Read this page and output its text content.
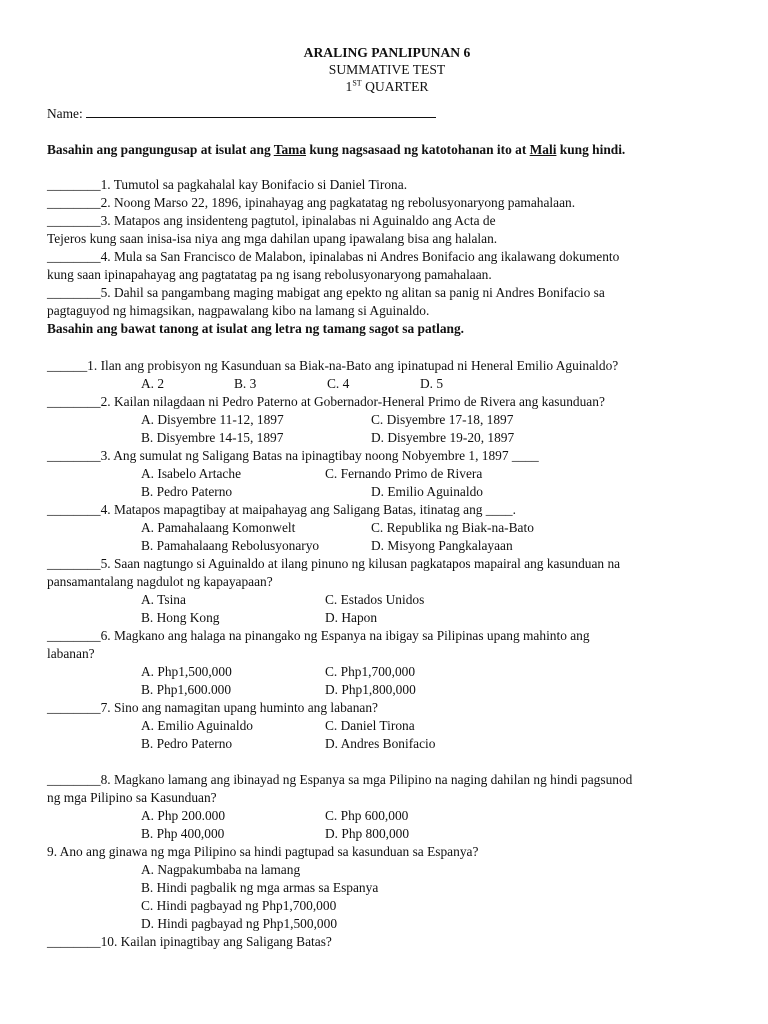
ARALING PANLIPUNAN 6
SUMMATIVE TEST
1ST QUARTER
Name:
Basahin ang pangungusap at isulat ang Tama kung nagsasaad ng katotohanan ito at Mali kung hindi.
________1. Tumutol sa pagkahalal kay Bonifacio si Daniel Tirona.
________2. Noong Marso 22, 1896, ipinahayag ang pagkatatag ng rebolusyonaryong pamahalaan.
________3. Matapos ang insidenteng pagtutol, ipinalabas ni Aguinaldo ang Acta de
Tejeros kung saan inisa-isa niya ang mga dahilan upang ipawalang bisa ang halalan.
________4. Mula sa San Francisco de Malabon, ipinalabas ni Andres Bonifacio ang ikalawang dokumento
kung saan ipinapahayag ang pagtatatag pa ng isang rebolusyonaryong pamahalaan.
________5. Dahil sa pangambang maging mabigat ang epekto ng alitan sa panig ni Andres Bonifacio sa
pagtaguyod ng himagsikan, nagpawalang kibo na lamang si Aguinaldo.
Basahin ang bawat tanong at isulat ang letra ng tamang sagot sa patlang.
______1. Ilan ang probisyon ng Kasunduan sa Biak-na-Bato ang ipinatupad ni Heneral Emilio Aguinaldo?
A. 2	B. 3	C. 4	D. 5
________2. Kailan nilagdaan ni Pedro Paterno at Gobernador-Heneral Primo de Rivera ang kasunduan?
A. Disyembre 11-12, 1897	C. Disyembre 17-18, 1897
B. Disyembre 14-15, 1897	D. Disyembre 19-20, 1897
________3. Ang sumulat ng Saligang Batas na ipinagtibay noong Nobyembre 1, 1897 ____
A. Isabelo Artache	C. Fernando Primo de Rivera
B. Pedro Paterno	D. Emilio Aguinaldo
________4. Matapos mapagtibay at maipahayag ang Saligang Batas, itinatag ang ____.
A. Pamahalaang Komonwelt	C. Republika ng Biak-na-Bato
B. Pamahalaang Rebolusyonaryo	D. Misyong Pangkalayaan
________5. Saan nagtungo si Aguinaldo at ilang pinuno ng kilusan pagkatapos mapairal ang kasunduan na
pansamantalang nagdulot ng kapayapaan?
A. Tsina	C. Estados Unidos
B. Hong Kong	D. Hapon
________6. Magkano ang halaga na pinangako ng Espanya na ibigay sa Pilipinas upang mahinto ang
labanan?
A. Php1,500,000	C. Php1,700,000
B. Php1,600.000	D. Php1,800,000
________7. Sino ang namagitan upang huminto ang labanan?
A. Emilio Aguinaldo	C. Daniel Tirona
B. Pedro Paterno	D. Andres Bonifacio
________8. Magkano lamang ang ibinayad ng Espanya sa mga Pilipino na naging dahilan ng hindi pagsunod
ng mga Pilipino sa Kasunduan?
A. Php 200.000	C. Php 600,000
B. Php 400,000	D. Php 800,000
9. Ano ang ginawa ng mga Pilipino sa hindi pagtupad sa kasunduan sa Espanya?
A. Nagpakumbaba na lamang
B. Hindi pagbalik ng mga armas sa Espanya
C. Hindi pagbayad ng Php1,700,000
D. Hindi pagbayad ng Php1,500,000
________10. Kailan ipinagtibay ang Saligang Batas?
